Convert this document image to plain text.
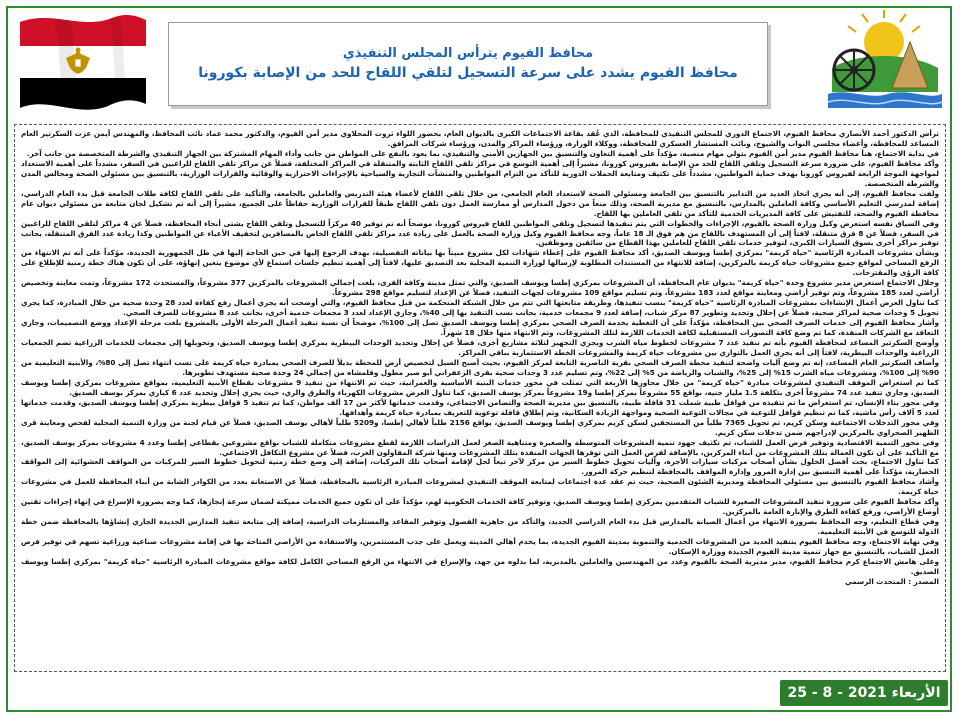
محافظ الفيوم يترأس المجلس التنفيذي
محافظ الفيوم يشدد على سرعة التسجيل لتلقي اللقاح للحد من الإصابة بكورونا

ترأس الدكتور أحمد الأنصاري محافظ الفيوم، الاجتماع الدوري للمجلس التنفيذي للمحافظة، الذي عُقد بقاعة الاجتماعات الكبرى بالديوان العام، بحضور اللواء ثروت المحلاوي مدير أمن الفيوم، والدكتور محمد عماد نائب المحافظ، والمهندس أيمن عزت السكرتير العام المساعد للمحافظة، وأعضاء مجلسي النواب والشيوخ، ونائب المستشار العسكري للمحافظة، ووكلاء الوزارة، ورؤساء المراكز والمدن، ورؤساء شركات المرافق.

في بداية الاجتماع، هنأ محافظ الفيوم مدير أمن الفيوم بتولي مهام منصبه، مؤكداً على أهمية التعاون والتنسيق بين الجهازين الأمني والتنفيذي، بما يعود بالنفع على المواطن من جانب وأداء المهام المشتركة بين الجهاز التنفيذي والشرطة المتخصصة من جانب آخر.

وأكد محافظ الفيوم، على ضرورة سرعة التسجيل وتلقي اللقاح للحد من الإصابة بفيروس كورونا، مشيراً إلى أهمية التوسع في مراكز تلقي اللقاح الثابتة والمتنقلة في المراكز المختلفة، فضلاً عن مراكز تلقي اللقاح للراغبين في السفر، مشدداً على أهمية الاستعداد لمواجهة الموجة الرابعة لفيروس كورونا بهدف حماية المواطنين، مشدداً على تكثيف ومتابعة الحملات الدورية للتأكد من التزام المواطنين والمنشآت التجارية والسياحية بالإجراءات الاحترازية والوقائية والقرارات الوزارية، بالتنسيق بين مسئولي الصحة ومجالس المدن والشرطة المتخصصة.

ولفت محافظ الفيوم، إلى أنه يجري اتخاذ العديد من التدابير بالتنسيق بين الجامعة ومسئولي الصحة لاستعداد العام الجامعي، من خلال تلقي اللقاح لأعضاء هيئة التدريس والعاملين بالجامعة، والتأكيد على تلقي اللقاح لكافة طلاب الجامعة قبل بدء العام الدراسي، إضافة لمدرسي التعليم الأساسي وكافة العاملين بالمدارس، بالتنسيق مع مديرية الصحة، وذلك منعاً من دخول المدارس أو ممارسة العمل دون تلقي اللقاح طبقاً للقرارات الوزارية حفاظاً على الجميع، مشيراً إلى أنه تم تشكيل لجان متابعة من مسئولي ديوان عام محافظة الفيوم والصحة، للتفتيش على كافة المديريات الخدمية للتأكد من تلقي العاملين بها اللقاح.

وفي السياق نفسه استعرض وكيل وزارة الصحة بالفيوم، الإجراءات والخطوات التي يتم تنفيذها لتسجيل وتلقي المواطنين للقاح فيروس كورونا، موضحاً أنه تم توفير 40 مركزاً للتسجيل وتلقي اللقاح بشتى أنحاء المحافظة، فضلاً عن 4 مراكز لتلقي اللقاح للراغبين في السفر، فضلاً عن 8 فرق متنقلة، لافتاً إلى أن المستهدف باللقاح من هم فوق الـ 18 عاماً، وجه محافظ الفيوم وكيل وزارة الصحة بالعمل على زيادة عدد مراكز تلقي اللقاح الخاص بالمسافرين لتخفيف الأعباء عن المواطنين وكذا زيادة عدد الفرق المتنقلة، بجانب توفير مراكز أخرى بسوق السيارات الكبرى، لتوفير خدمات تلقي اللقاح للعاملين بهذا القطاع من سائقين وموظفين.

وبشأن مشروعات المبادرة الرئاسية "حياة كريمة" بمركزي إطسا ويوسف الصديق، أكد محافظ الفيوم على إعطاء شهادات لكل مشروع مبيناً بها بياناته التفصيلية، بهدف الرجوع إليها في حين الحاجة إليها في ظل الجمهورية الجديدة، مؤكداً على أنه تم الانتهاء من الرفع المساحي لمواقع جميع مشروعات حياة كريمة بالمركزين، إضافة للانتهاء من المستندات المطلوبة لإرسالها لوزارة التنمية المحلية بعد التصديق عليها، لافتاً إلى أهمية تنظيم جلسات استماع لأي موضوع يتعين إنهاؤه، على أن تكون هناك خطة زمنية للإطلاع على كافة الرؤى والمقترحات.

وخلال الاجتماع استعرض مدير مشروع وحدة "حياة كريمة" بديوان عام المحافظة، أن المشروعات بمركزي إطسا ويوسف الصديق، والتي تمثل مدينة وكافة القرى، بلغت إجمالي المشروعات بالمركزين 377 مشروعاً، والمستحدث 172 مشروعاً، وتمت معاينة وتخصيص أراضي لعدد 185 مشروعاً، وتم توفير أراضي ومعاينة مواقع لعدد 183 مشروعاً، وتم تسليم مواقع 109 مشروعات لجهات التنفيذ، فضلاً عن الإعداد لتسليم مواقع 298 مشروعاً.

كما تناول العرض أعمال الإنشاءات بمشروعات المبادرة الرئاسية "حياة كريمة" بنسب تنفيذها، وطريقة متابعتها التي تتم من خلال الشبكة المتحكمة من قبل محافظ الفيوم، والتي أوضحت أنه يجري أعمال رفع كفاءة لعدد 28 وحدة صحية من خلال المبادرة، كما يجري تحويل 5 وحدات صحية لمراكز صحية، فضلاً عن إحلال وتجديد وتطوير 87 مركز شباب، إضافة لعدد 9 مجمعات خدمية، بجانب نسب التنفيذ بها إلى 40%، وجاري الإعداد لعدد 3 مجمعات خدمية أخرى، بجانب عدد 8 مشروعات للصرف الصحي.

وأشار محافظ الفيوم إلى خدمات الصرف الصحي بين المحافظة، مؤكداً على أن التغطية بخدمة الصرف الصحي بمركزي إطسا ويوسف الصديق تصل إلى 100%، موضحاً أن نسبة تنفيذ أعمال المرحلة الأولى بالمشروع بلغت مرحلة الإعداد ووضع التصميمات، وجاري التعاقد مع الشركات المنفذة، كما تم وضع كافة التصورات المستقبلية لكافة الخدمات اللازمة لتلك المشروعات، وتم الانتهاء منها خلال 18 شهراً.

وأوضح السكرتير المساعد لمحافظة الفيوم بأنه تم تنفيذ عدد 7 مشروعات لخطوط مياه الشرب ويجري التجهيز لثلاثة مشاريع أخرى، فضلاً عن إحلال وتجديد الوحدات البيطرية بمركزي إطسا ويوسف الصديق، وتحويلها إلى مجمعات للخدمات الزراعية تضم الجمعيات الزراعية والوحدات البيطرية، لافتاً إلى أنه يجري العمل بالتوازي بين مشروعات حياة كريمة والمشروعات الخطة الاستثمارية بباقي المراكز.

وأضاف السكرتير العام المساعد، إنه تم وضع آليات واضحة لتنفيذ محطة الصرف الصحي بقرية الناصرية التابعة لمركز الفيوم، بحيث أصبح السبل لتخصيص أرض للمحطة بديلاً للصرف الصحي بمبادرة حياة كريمة على نسب انتهاء تصل إلى 80%، والأبنية التعليمية من 90% إلى 100%، ومشروعات مياه الشرب 15% إلى 25%، والشباب والرياضة من 5% إلى 22%، وتم تسليم عدد 3 وحدات صحية بقرى الزعفراني أبو صير مطول وقلمشاه من إجمالي 24 وحدة صحية مستهدف تطويرها.

كما تم استعراض الموقف التنفيذي لمشروعات مبادرة "حياة كريمة" من خلال محاورها الأربعة التي تمثلت في محور خدمات البنية الأساسية والعمرانية، حيث تم الانتهاء من تنفيذ 9 مشروعات بقطاع الأبنية التعليمية، بمواقع مشروعات بمركزي إطسا ويوسف الصديق، وجاري تنفيذ عدد 74 مشروعاً أخرى بتكلفة 1.5 مليار جنيه، بواقع 55 مشروعاً بمركز إطسا و19 مشروعاً بمركز يوسف الصديق، كما تناول العرض مشروعات الكهرباء والطرق والري، حيث يجري إحلال وتجديد عدد 6 كباري بمركز يوسف الصديق.

وفي محور بناء الإنسان، تم استعراض ما تم تنفيذه من قوافل طبية شملت 31 قافلة طبية، بالتنسيق بين مديرية الصحة والتضامن الاجتماعي، وقدمت خدماتها لأكثر من 17 ألف مواطن، كما تم تنفيذ 5 قوافل بيطرية بمركزي إطسا ويوسف الصديق، وقدمت خدماتها لعدد 5 آلاف رأس ماشية، كما تم تنظيم قوافل للتوعية في مجالات التوعية الصحية ومواجهة الزيادة السكانية، وتم إطلاق قافلة توعوية للتعريف بمبادرة حياة كريمة وأهدافها.

وفي محور التدخلات الاجتماعية وسكن كريم، تم تحويل 7365 طلباً من المستحقين لسكن كريم بمركزي إطسا ويوسف الصديق، بواقع 2156 طلباً لأهالي إطسا، و5209 طلباً لأهالي يوسف الصديق، فضلاً عن قيام لجنة من وزارة التنمية المحلية لفحص ومعاينة قرى الظهير الصحراوي بالمركزين لإدراجهم ضمن تدخلات سكن كريم.

وفي محور التنمية الاقتصادية وتوفير فرص العمل للشباب، تم تكثيف جهود تنمية المشروعات المتوسطة والصغيرة ومتناهية الصغر لعمل الدراسات اللازمة لقطع مشروعات متكاملة للشباب بواقع مشروعين بقطاعي إطسا وعدد 4 مشروعات بمركز يوسف الصديق، مع التأكيد على أن تكون العمالة بتلك المشروعات من أبناء المركزين، بالإضافة لفرص العمل التي توفرها الجهات المنفذة بتلك المشروعات ومنها شركة المقاولون العرب، فضلاً عن مشروع التكافل الاجتماعي.

كما تناول الاجتماع، بحث أفضل الحلول بشأن أصحاب مركبات سيارات الأجرة، وآليات تحويل خطوط السير من مركز لآخر تبعاً لحل لإقامة أصحاب تلك المركبات، إضافة إلى وضع خطة زمنية لتحويل خطوط السير للمركبات من المواقف العشوائية إلى المواقف الحضارية، مؤكداً على أهمية التنسيق بين إدارة المرور وإدارة المواقف بالمحافظة لتنظيم حركة المرور.

وأشاد محافظ الفيوم بالتنسيق بين مسئولي المحافظة ومديرية الشئون الصحية، حيث تم عقد عدة اجتماعات لمتابعة الموقف التنفيذي لمشروعات المبادرة الرئاسية بالمحافظة، فضلاً عن الاستعانة بعدد من الكوادر الشابة من أبناء المحافظة للعمل في مشروعات حياة كريمة.

وأكد محافظ الفيوم على ضرورة تنفيذ المشروعات الصغيرة للشباب المتقدمين بمركزي إطسا ويوسف الصديق، وتوفير كافة الخدمات الحكومية لهم، مؤكداً على أن تكون جميع الخدمات مميكنة لضمان سرعة إنجازها، كما وجه بضرورة الإسراع في إنهاء إجراءات تقنين أوضاع الأراضي، ورفع كفاءة الطرق والإنارة العامة بالمركزين.

وفي قطاع التعليم، وجه المحافظ بضرورة الانتهاء من أعمال الصيانة بالمدارس قبل بدء العام الدراسي الجديد، والتأكد من جاهزية الفصول وتوفير المقاعد والمستلزمات الدراسية، إضافة إلى متابعة تنفيذ المدارس الجديدة الجاري إنشاؤها بالمحافظة ضمن خطة الدولة للتوسع في الأبنية التعليمية.

وفي نهاية الاجتماع، وجه محافظ الفيوم بتنفيذ العديد من المشروعات الخدمية والتنموية بمدينة الفيوم الجديدة، بما يخدم أهالي المدينة ويعمل على جذب المستثمرين، والاستفادة من الأراضي المتاحة بها في إقامة مشروعات صناعية وزراعية تسهم في توفير فرص العمل للشباب، بالتنسيق مع جهاز تنمية مدينة الفيوم الجديدة ووزارة الإسكان.

وعلى هامش الاجتماع كرم محافظ الفيوم، مدير مديرية الصحة بالفيوم وعدد من المهندسين والعاملين بالمديرية، لما بذلوه من جهد، والإسراع في الانتهاء من الرفع المساحي الكامل لكافة مواقع مشروعات المبادرة الرئاسية "حياة كريمة" بمركزي إطسا ويوسف الصديق.

المصدر : المتحدث الرسمي

الأربعاء

25 - 8 - 2021
